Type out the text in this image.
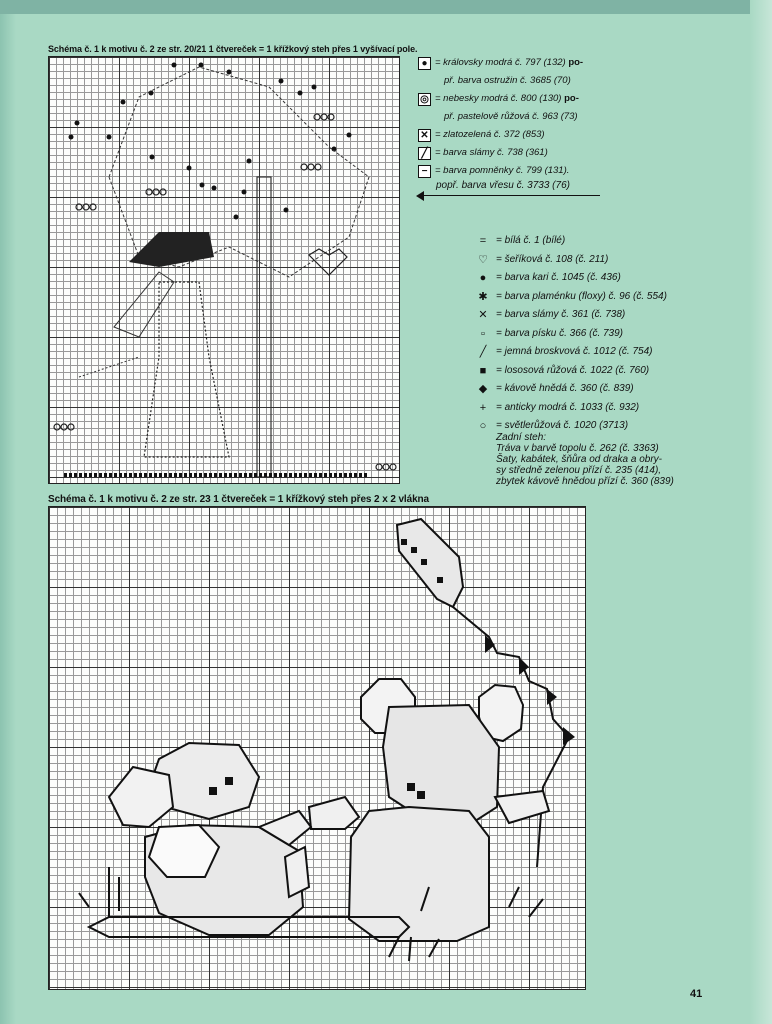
Schéma č. 1 k motivu č. 2 ze str. 20/21 1 čtvereček = 1 křížkový steh přes 1 vyšívací pole.
● = královsky modrá č. 797 (132) po-
př. barva ostružin č. 3685 (70)
◎ = nebesky modrá č. 800 (130) po-
př. pastelově růžová č. 963 (73)
✕ = zlatozelená č. 372 (853)
╱ = barva slámy č. 738 (361)
− = barva pomněnky č. 799 (131).
popř. barva vřesu č. 3733 (76)
= = bílá č. 1 (bílé)
♡ = šeříková č. 108 (č. 211)
● = barva kari č. 1045 (č. 436)
✱ = barva plaménku (floxy) č. 96 (č. 554)
✕ = barva slámy č. 361 (č. 738)
▫	= barva písku č. 366 (č. 739)
╱ = jemná broskvová č. 1012 (č. 754)
■ = lososová růžová č. 1022 (č. 760)
◆ = kávově hnědá č. 360 (č. 839)
+ = anticky modrá č. 1033 (č. 932)
○ = světlerůžová č. 1020 (3713)
Zadní steh:
Tráva v barvě topolu č. 262 (č. 3363)
Šaty, kabátek, šňůra od draka a obry-
sy středně zelenou přízí č. 235 (414),
zbytek kávově hnědou přízí č. 360 (839)
Schéma č. 1 k motivu č. 2 ze str. 23 1 čtvereček = 1 křížkový steh přes 2 x 2 vlákna
41
